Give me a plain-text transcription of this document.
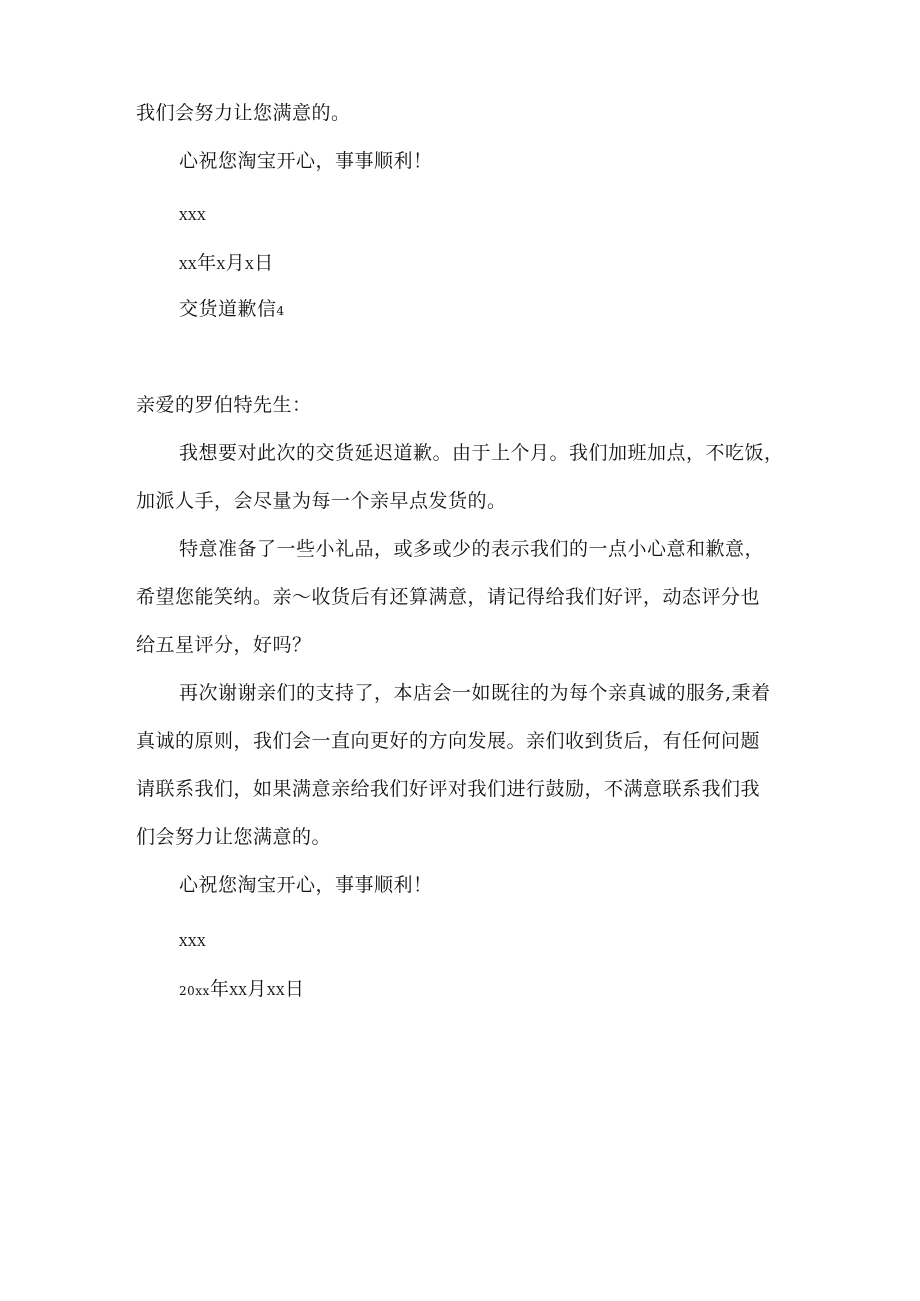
我们会努力让您满意的。
心祝您淘宝开心，事事顺利！
XXX
XX年X月X日
交货道歉信4
亲爱的罗伯特先生：
我想要对此次的交货延迟道歉。由于上个月。我们加班加点，不吃饭，
加派人手，会尽量为每一个亲早点发货的。
特意准备了一些小礼品，或多或少的表示我们的一点小心意和歉意，
希望您能笑纳。亲～收货后有还算满意，请记得给我们好评，动态评分也
给五星评分，好吗？
再次谢谢亲们的支持了，本店会一如既往的为每个亲真诚的服务,秉着
真诚的原则，我们会一直向更好的方向发展。亲们收到货后，有任何问题
请联系我们，如果满意亲给我们好评对我们进行鼓励，不满意联系我们我
们会努力让您满意的。
心祝您淘宝开心，事事顺利！
XXX
20xx年XX月XX日
